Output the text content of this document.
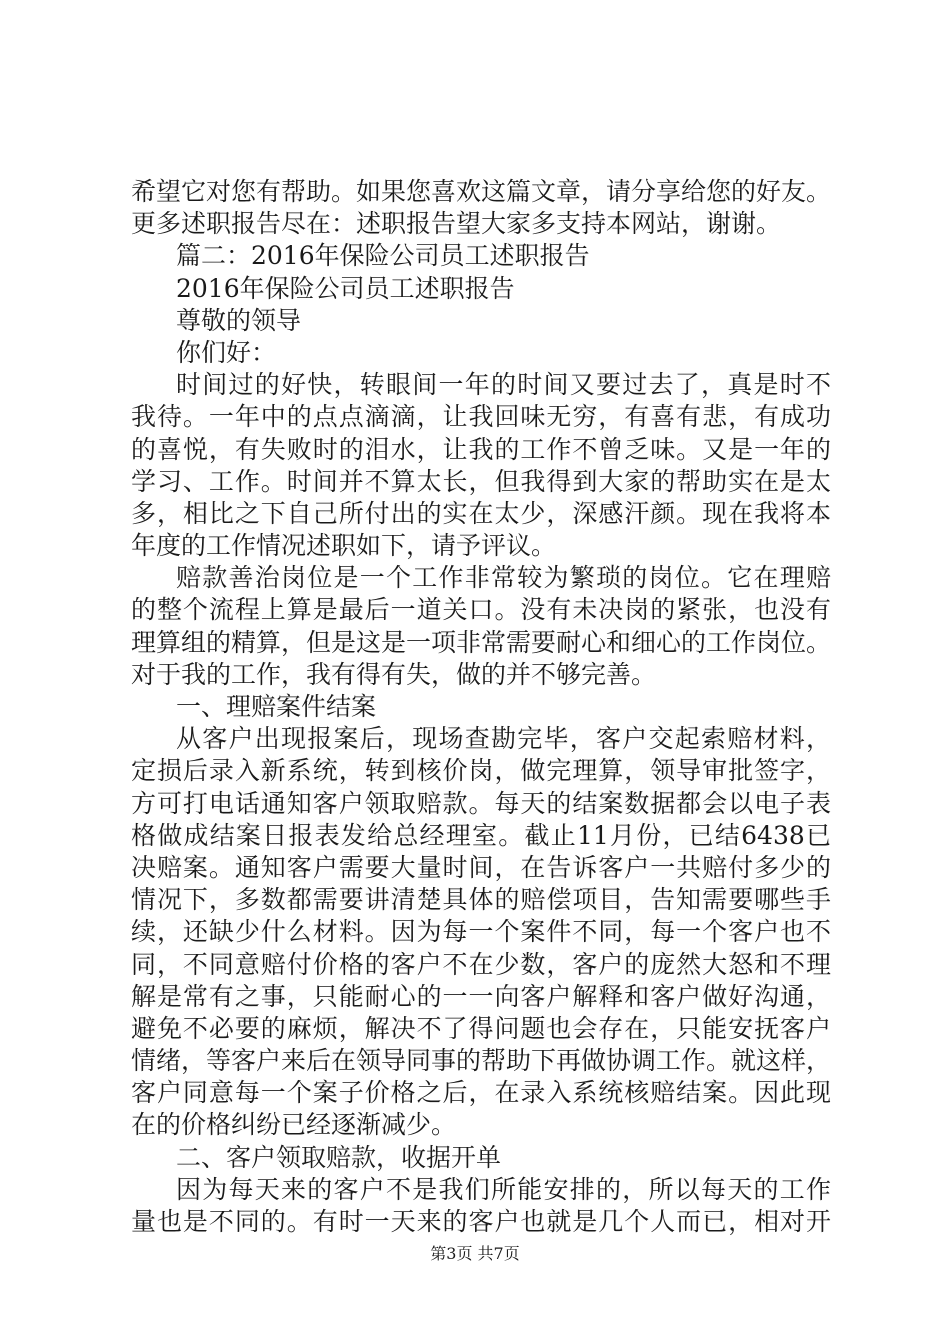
希望它对您有帮助。如果您喜欢这篇文章，请分享给您的好友。
更多述职报告尽在：述职报告望大家多支持本网站，谢谢。
篇二：2016年保险公司员工述职报告
2016年保险公司员工述职报告
尊敬的领导
你们好：
时间过的好快，转眼间一年的时间又要过去了，真是时不
我待。一年中的点点滴滴，让我回味无穷，有喜有悲，有成功
的喜悦，有失败时的泪水，让我的工作不曾乏味。又是一年的
学习、工作。时间并不算太长，但我得到大家的帮助实在是太
多，相比之下自己所付出的实在太少，深感汗颜。现在我将本
年度的工作情况述职如下，请予评议。
赔款善治岗位是一个工作非常较为繁琐的岗位。它在理赔
的整个流程上算是最后一道关口。没有未决岗的紧张，也没有
理算组的精算，但是这是一项非常需要耐心和细心的工作岗位。
对于我的工作，我有得有失，做的并不够完善。
一、理赔案件结案
从客户出现报案后，现场查勘完毕，客户交起索赔材料，
定损后录入新系统，转到核价岗，做完理算，领导审批签字，
方可打电话通知客户领取赔款。每天的结案数据都会以电子表
格做成结案日报表发给总经理室。截止11月份，已结6438已
决赔案。通知客户需要大量时间，在告诉客户一共赔付多少的
情况下，多数都需要讲清楚具体的赔偿项目，告知需要哪些手
续，还缺少什么材料。因为每一个案件不同，每一个客户也不
同，不同意赔付价格的客户不在少数，客户的庞然大怒和不理
解是常有之事，只能耐心的一一向客户解释和客户做好沟通，
避免不必要的麻烦，解决不了得问题也会存在，只能安抚客户
情绪，等客户来后在领导同事的帮助下再做协调工作。就这样，
客户同意每一个案子价格之后，在录入系统核赔结案。因此现
在的价格纠纷已经逐渐减少。
二、客户领取赔款，收据开单
因为每天来的客户不是我们所能安排的，所以每天的工作
量也是不同的。有时一天来的客户也就是几个人而已，相对开
第3页 共7页
